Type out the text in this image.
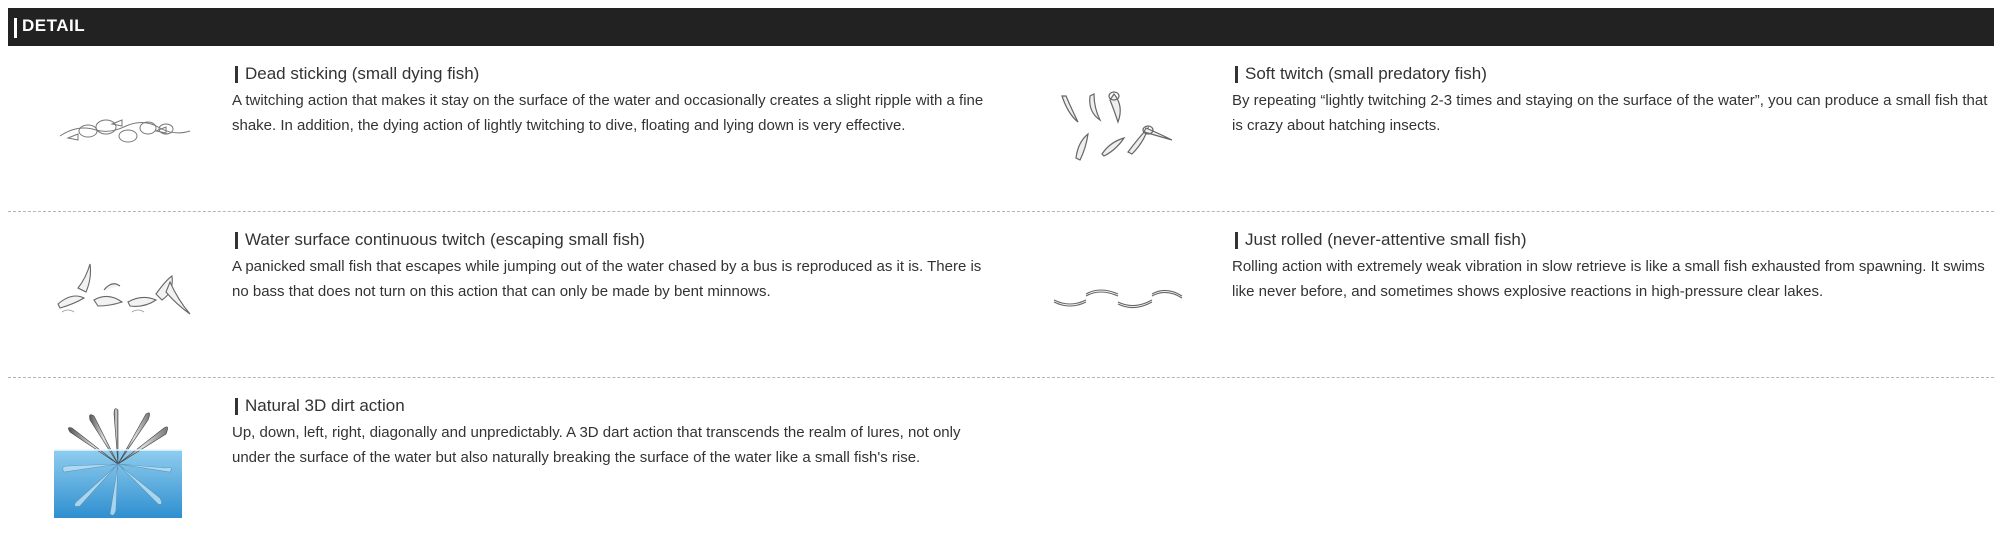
DETAIL
Dead sticking (small dying fish)
A twitching action that makes it stay on the surface of the water and occasionally creates a slight ripple with a fine shake. In addition, the dying action of lightly twitching to dive, floating and lying down is very effective.
Soft twitch (small predatory fish)
By repeating “lightly twitching 2-3 times and staying on the surface of the water”, you can produce a small fish that is crazy about hatching insects.
Water surface continuous twitch (escaping small fish)
A panicked small fish that escapes while jumping out of the water chased by a bus is reproduced as it is. There is no bass that does not turn on this action that can only be made by bent minnows.
Just rolled (never-attentive small fish)
Rolling action with extremely weak vibration in slow retrieve is like a small fish exhausted from spawning. It swims like never before, and sometimes shows explosive reactions in high-pressure clear lakes.
Natural 3D dirt action
Up, down, left, right, diagonally and unpredictably. A 3D dart action that transcends the realm of lures, not only under the surface of the water but also naturally breaking the surface of the water like a small fish's rise.
